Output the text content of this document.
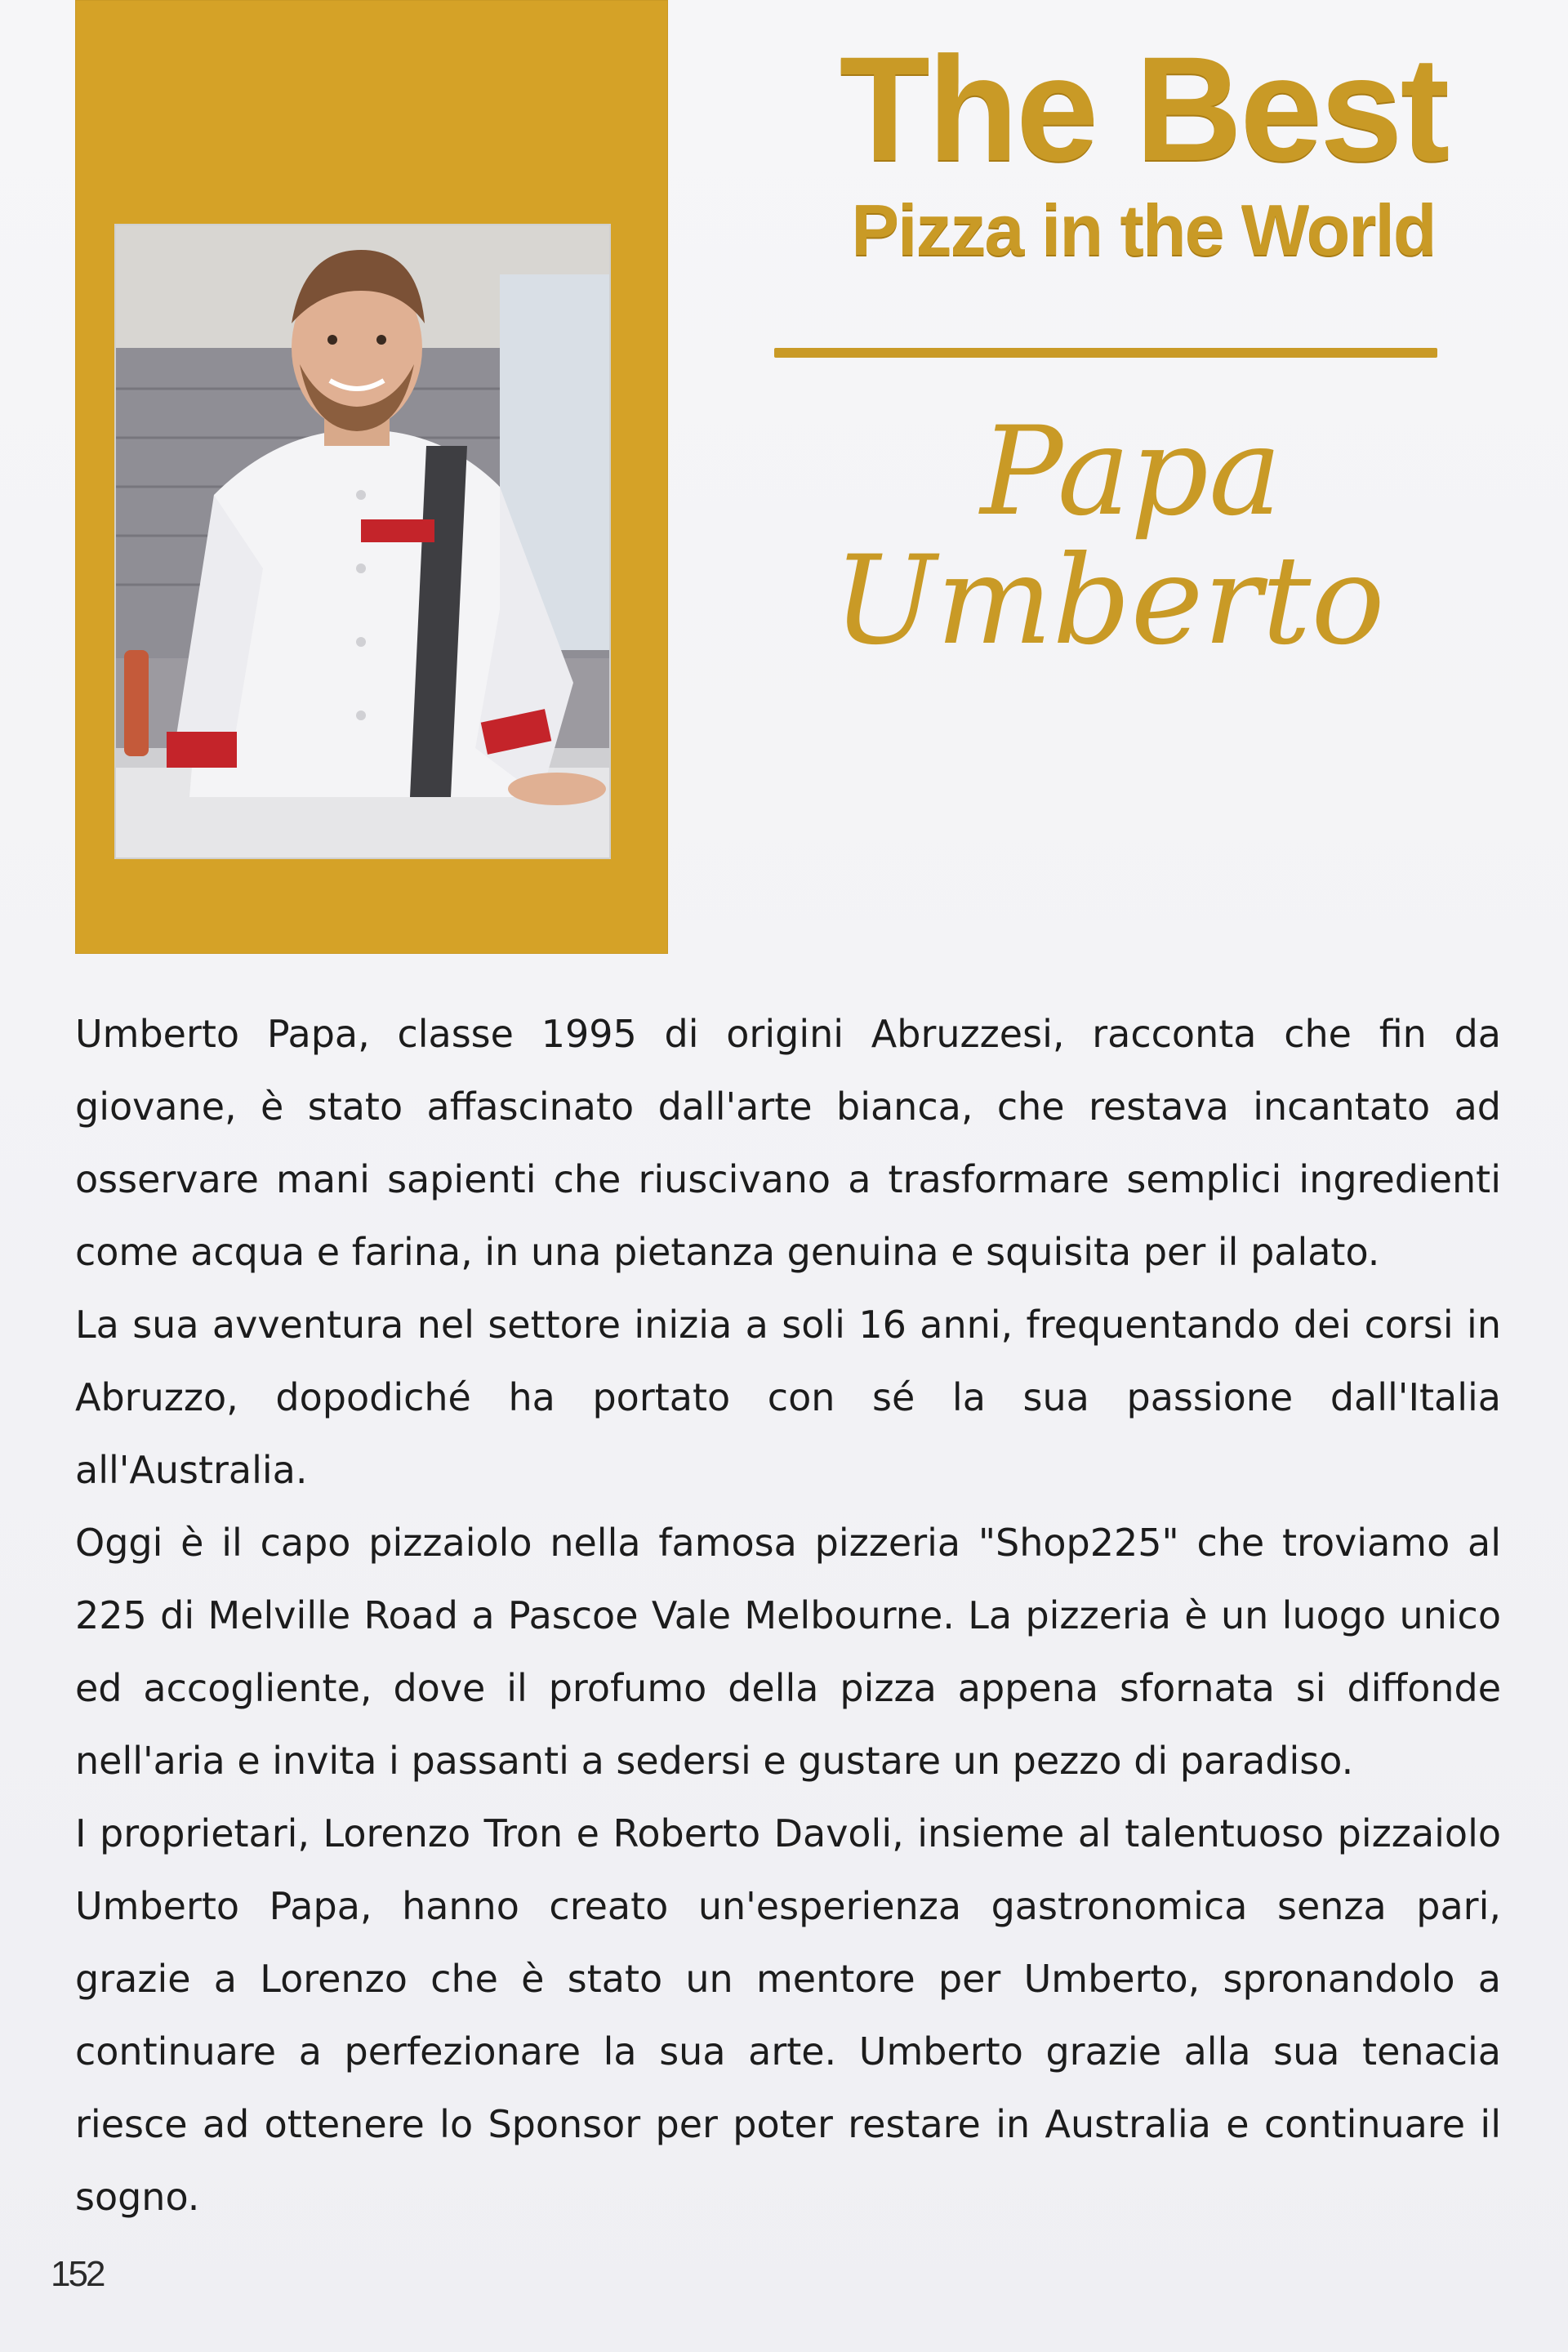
The Best
Pizza in the World
Papa
Umberto

Umberto Papa, classe 1995 di origini Abruzzesi, racconta che fin da giovane, è stato affascinato dall'arte bianca, che restava incantato ad osservare mani sapienti che riuscivano a trasformare semplici ingredienti come acqua e farina, in una pietanza genuina e squisita per il palato.

La sua avventura nel settore inizia a soli 16 anni, frequentando dei corsi in Abruzzo, dopodiché ha portato con sé la sua passione dall'Italia all'Australia.

Oggi è il capo pizzaiolo nella famosa pizzeria "Shop225" che troviamo al 225 di Melville Road a Pascoe Vale Melbourne. La pizzeria è un luogo unico ed accogliente, dove il profumo della pizza appena sfornata si diffonde nell'aria e invita i passanti a sedersi e gustare un pezzo di paradiso.

I proprietari, Lorenzo Tron e Roberto Davoli, insieme al talentuoso pizzaiolo Umberto Papa, hanno creato un'esperienza gastronomica senza pari, grazie a Lorenzo che è stato un mentore per Umberto, spronandolo a continuare a perfezionare la sua arte. Umberto grazie alla sua tenacia riesce ad ottenere lo Sponsor per poter restare in Australia e continuare il sogno.

152
